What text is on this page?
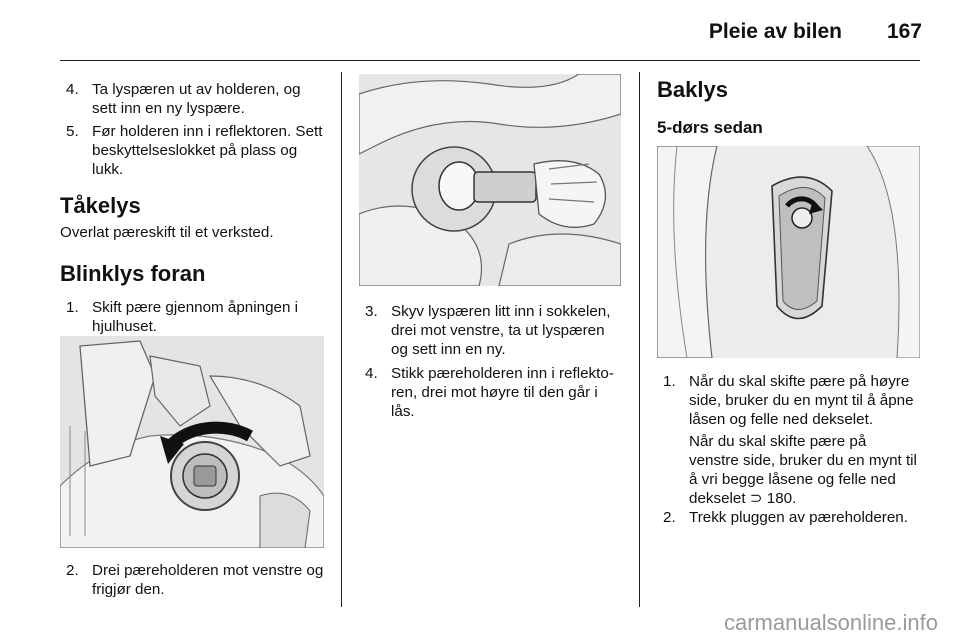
Pleie av bilen 167
4. Ta lyspæren ut av holderen, og sett inn en ny lyspære.
5. Før holderen inn i reflektoren. Sett beskyttelseslokket på plass og lukk.
Tåkelys
Overlat pæreskift til et verksted.
Blinklys foran
1. Skift pære gjennom åpningen i hjulhuset.
2. Drei pæreholderen mot venstre og frigjør den.
3. Skyv lyspæren litt inn i sokkelen, drei mot venstre, ta ut lyspæren og sett inn en ny.
4. Stikk pæreholderen inn i reflektoren, drei mot høyre til den går i lås.
Baklys
5-dørs sedan
1. Når du skal skifte pære på høyre side, bruker du en mynt til å åpne låsen og felle ned dekselet.
Når du skal skifte pære på venstre side, bruker du en mynt til å vri begge låsene og felle ned dekselet ⊃ 180.
2. Trekk pluggen av pæreholderen.
carmanualsonline.info
